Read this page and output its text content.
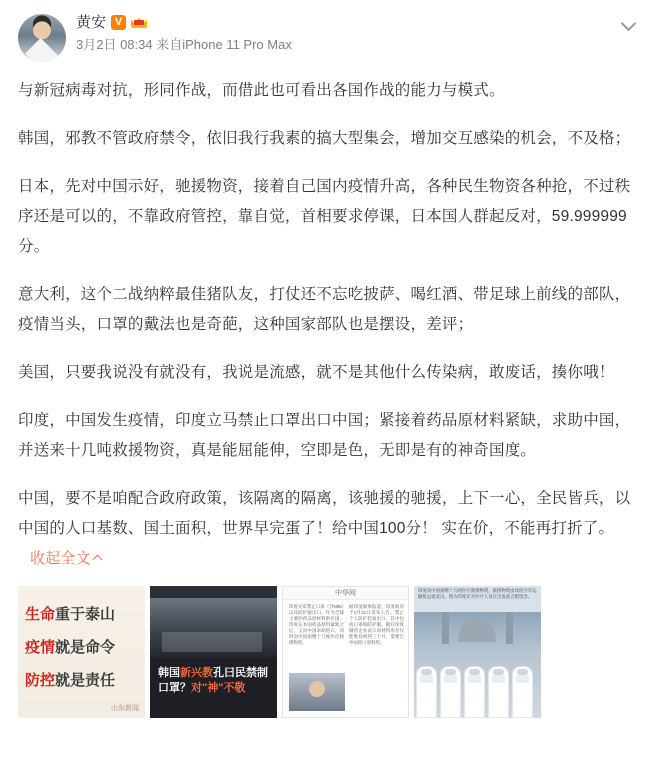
黄安 V
3月2日 08:34 来自iPhone 11 Pro Max

与新冠病毒对抗，形同作战，而借此也可看出各国作战的能力与模式。

韩国，邪教不管政府禁令，依旧我行我素的搞大型集会，增加交互感染的机会，不及格；

日本，先对中国示好，驰援物资，接着自己国内疫情升高，各种民生物资各种抢，不过秩序还是可以的，不靠政府管控，靠自觉，首相要求停课，日本国人群起反对，59.999999分。

意大利，这个二战纳粹最佳猪队友，打仗还不忘吃披萨、喝红酒、带足球上前线的部队，疫情当头，口罩的戴法也是奇葩，这种国家部队也是摆设，差评；

美国，只要我说没有就没有，我说是流感，就不是其他什么传染病，敢废话，揍你哦！

印度，中国发生疫情，印度立马禁止口罩出口中国；紧接着药品原材料紧缺，求助中国，并送来十几吨救援物资，真是能屈能伸，空即是色，无即是有的神奇国度。

中国，要不是咱配合政府政策，该隔离的隔离，该驰援的驰援，上下一心，全民皆兵，以中国的人口基数、国土面积，世界早完蛋了！给中国100分！ 实在价，不能再打折了。收起全文

生命重于泰山
疫情就是命令
防控就是责任
山东新闻
韩国新兴教孔曰民禁制口罩？对"神"不敬
中华网
印度宣布禁止口罩（含N95）以及防护服出口。作为全球主要的药品原材料供应国，印度在本国药品原料紧缺之后，又向中国求助进口，同时向中国捐赠十几吨医疗救援物资。
据印度媒体报道，印度政府于1月31日发布公告，禁止个人防护装备出口，其中包括口罩和防护服。随后印度制药企业表示原材料库存仅能维持两到三个月，需要自中国进口原料药。
印度向中国捐赠十几吨医疗救援物资，救援物资由印度空军运输机运抵武汉。图为印度军方医疗人员在出发前合影留念。
